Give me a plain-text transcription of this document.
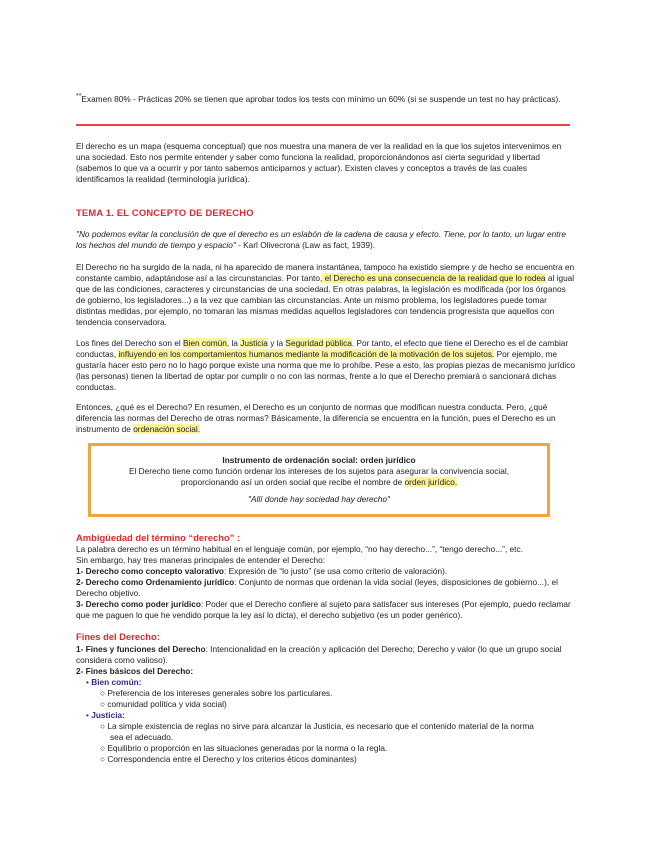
**Examen 80% - Prácticas 20% se tienen que aprobar todos los tests con mínimo un 60% (si se suspende un test no hay prácticas).

El derecho es un mapa (esquema conceptual) que nos muestra una manera de ver la realidad en la que los sujetos intervenimos en una sociedad. Esto nos permite entender y saber como funciona la realidad, proporcionándonos así cierta seguridad y libertad (sabemos lo que va a ocurrir y por tanto sabemos anticiparnos y actuar). Existen claves y conceptos a través de las cuales identificamos la realidad (terminología jurídica).

TEMA 1. EL CONCEPTO DE DERECHO

"No podemos evitar la conclusión de que el derecho es un eslabón de la cadena de causa y efecto. Tiene, por lo tanto, un lugar entre los hechos del mundo de tiempo y espacio" - Karl Olivecrona (Law as fact, 1939).

El Derecho no ha surgido de la nada, ni ha aparecido de manera instantánea, tampoco ha existido siempre y de hecho se encuentra en constante cambio, adaptándose así a las circunstancias. Por tanto, el Derecho es una consecuencia de la realidad que lo rodea al igual que de las condiciones, caracteres y circunstancias de una sociedad. En otras palabras, la legislación es modificada (por los órganos de gobierno, los legisladores...) a la vez que cambian las circunstancias. Ante un mismo problema, los legisladores puede tomar distintas medidas, por ejemplo, no tomaran las mismas medidas aquellos legisladores con tendencia progresista que aquellos con tendencia conservadora.

Los fines del Derecho son el Bien común, la Justicia y la Seguridad pública. Por tanto, el efecto que tiene el Derecho es el de cambiar conductas, influyendo en los comportamientos humanos mediante la modificación de la motivación de los sujetos. Por ejemplo, me gustaría hacer esto pero no lo hago porque existe una norma que me lo prohíbe. Pese a esto, las propias piezas de mecanismo jurídico (las personas) tienen la libertad de optar por cumplir o no con las normas, frente a lo que el Derecho premiará o sancionará dichas conductas.

Entonces, ¿qué es el Derecho? En resumen, el Derecho es un conjunto de normas que modifican nuestra conducta. Pero, ¿qué diferencia las normas del Derecho de otras normas? Básicamente, la diferencia se encuentra en la función, pues el Derecho es un instrumento de ordenación social.

Instrumento de ordenación social: orden jurídico

El Derecho tiene como función ordenar los intereses de los sujetos para asegurar la convivencia social,

proporcionando así un orden social que recibe el nombre de orden jurídico.

"Allí donde hay sociedad hay derecho"

Ambigüedad del término “derecho” :

La palabra derecho es un término habitual en el lenguaje común, por ejemplo, “no hay derecho...”, “tengo derecho...”, etc.

Sin embargo, hay tres maneras principales de entender el Derecho:

1- Derecho como concepto valorativo: Expresión de “lo justo” (se usa como criterio de valoración).

2- Derecho como Ordenamiento jurídico: Conjunto de normas que ordenan la vida social (leyes, disposiciones de gobierno...), el Derecho objetivo.

3- Derecho como poder jurídico: Poder que el Derecho confiere al sujeto para satisfacer sus intereses (Por ejemplo, puedo reclamar que me paguen lo que he vendido porque la ley así lo dicta), el derecho subjetivo (es un poder genérico).

Fines del Derecho:

1- Fines y funciones del Derecho: Intencionalidad en la creación y aplicación del Derecho; Derecho y valor (lo que un grupo social considera como valioso).

2- Fines básicos del Derecho:

• Bien común:

○ Preferencia de los intereses generales sobre los particulares.

○ comunidad política y vida social)

• Justicia:

○ La simple existencia de reglas no sirve para alcanzar la Justicia, es necesario que el contenido material de la norma

sea el adecuado.

○ Equilibrio o proporción en las situaciones generadas por la norma o la regla.

○ Correspondencia entre el Derecho y los criterios éticos dominantes)
